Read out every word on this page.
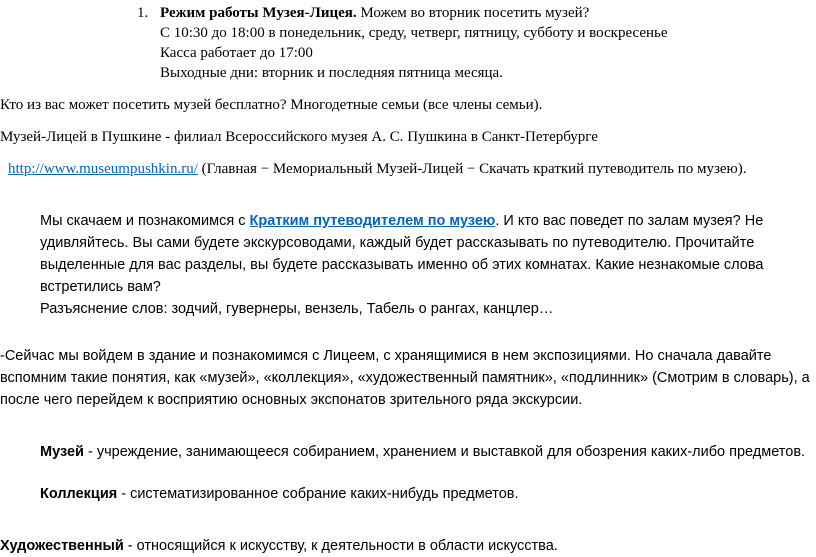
1. Режим работы Музея-Лицея. Можем во вторник посетить музей?
С 10:30 до 18:00 в понедельник, среду, четверг, пятницу, субботу и воскресенье
Касса работает до 17:00
Выходные дни: вторник и последняя пятница месяца.

Кто из вас может посетить музей бесплатно? Многодетные семьи (все члены семьи).

Музей-Лицей в Пушкине - филиал Всероссийского музея А. С. Пушкина в Санкт-Петербурге

http://www.museumpushkin.ru/ (Главная − Мемориальный Музей-Лицей − Скачать краткий путеводитель по музею).

Мы скачаем и познакомимся с Кратким путеводителем по музею. И кто вас поведет по залам музея? Не
удивляйтесь. Вы сами будете экскурсоводами, каждый будет рассказывать по путеводителю. Прочитайте
выделенные для вас разделы, вы будете рассказывать именно об этих комнатах. Какие незнакомые слова
встретились вам?
Разъяснение слов: зодчий, гувернеры, вензель, Табель о рангах, канцлер…
-Сейчас мы войдем в здание и познакомимся с Лицеем, с хранящимися в нем экспозициями. Но сначала давайте
вспомним такие понятия, как «музей», «коллекция», «художественный памятник», «подлинник» (Смотрим в словарь), а
после чего перейдем к восприятию основных экспонатов зрительного ряда экскурсии.

Музей - учреждение, занимающееся собиранием, хранением и выставкой для обозрения каких-либо предметов.

Коллекция - систематизированное собрание каких-нибудь предметов.

Художественный - относящийся к искусству, к деятельности в области искусства.
